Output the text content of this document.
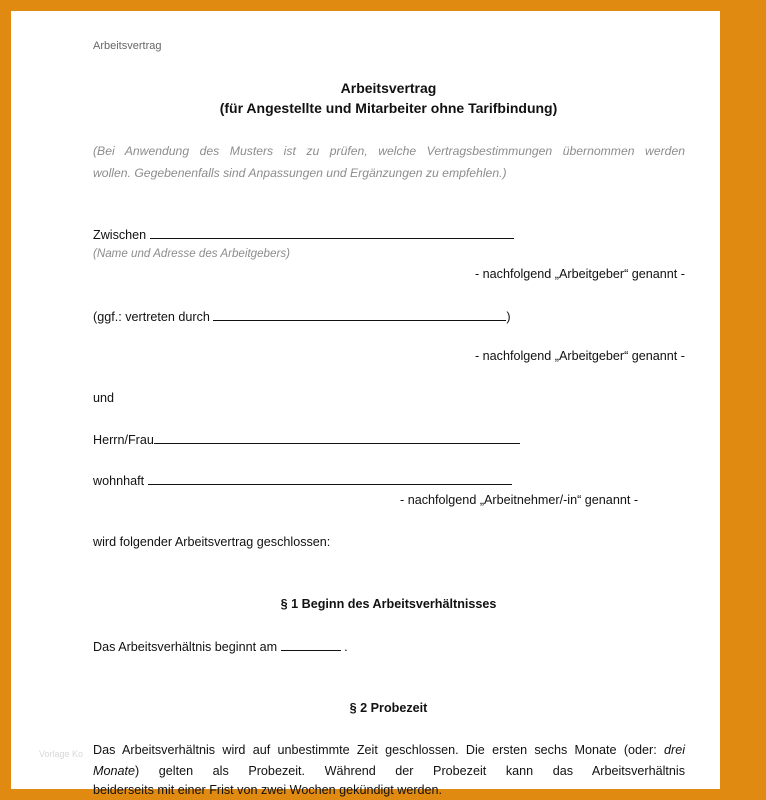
Arbeitsvertrag
Arbeitsvertrag
(für Angestellte und Mitarbeiter ohne Tarifbindung)
(Bei Anwendung des Musters ist zu prüfen, welche Vertragsbestimmungen übernommen werden
wollen. Gegebenenfalls sind Anpassungen und Ergänzungen zu empfehlen.)
Zwischen
(Name und Adresse des Arbeitgebers)
- nachfolgend „Arbeitgeber“ genannt -
(ggf.: vertreten durch	)
- nachfolgend „Arbeitgeber“ genannt -
und
Herrn/Frau
wohnhaft
- nachfolgend „Arbeitnehmer/-in“ genannt -
wird folgender Arbeitsvertrag geschlossen:
§ 1 Beginn des Arbeitsverhältnisses
Das Arbeitsverhältnis beginnt am	.
§ 2 Probezeit
Das Arbeitsverhältnis wird auf unbestimmte Zeit geschlossen. Die ersten sechs Monate (oder: drei Monate) gelten als Probezeit. Während der Probezeit kann das Arbeitsverhältnis
beiderseits mit einer Frist von zwei Wochen gekündigt werden.
Vorlage Ko
